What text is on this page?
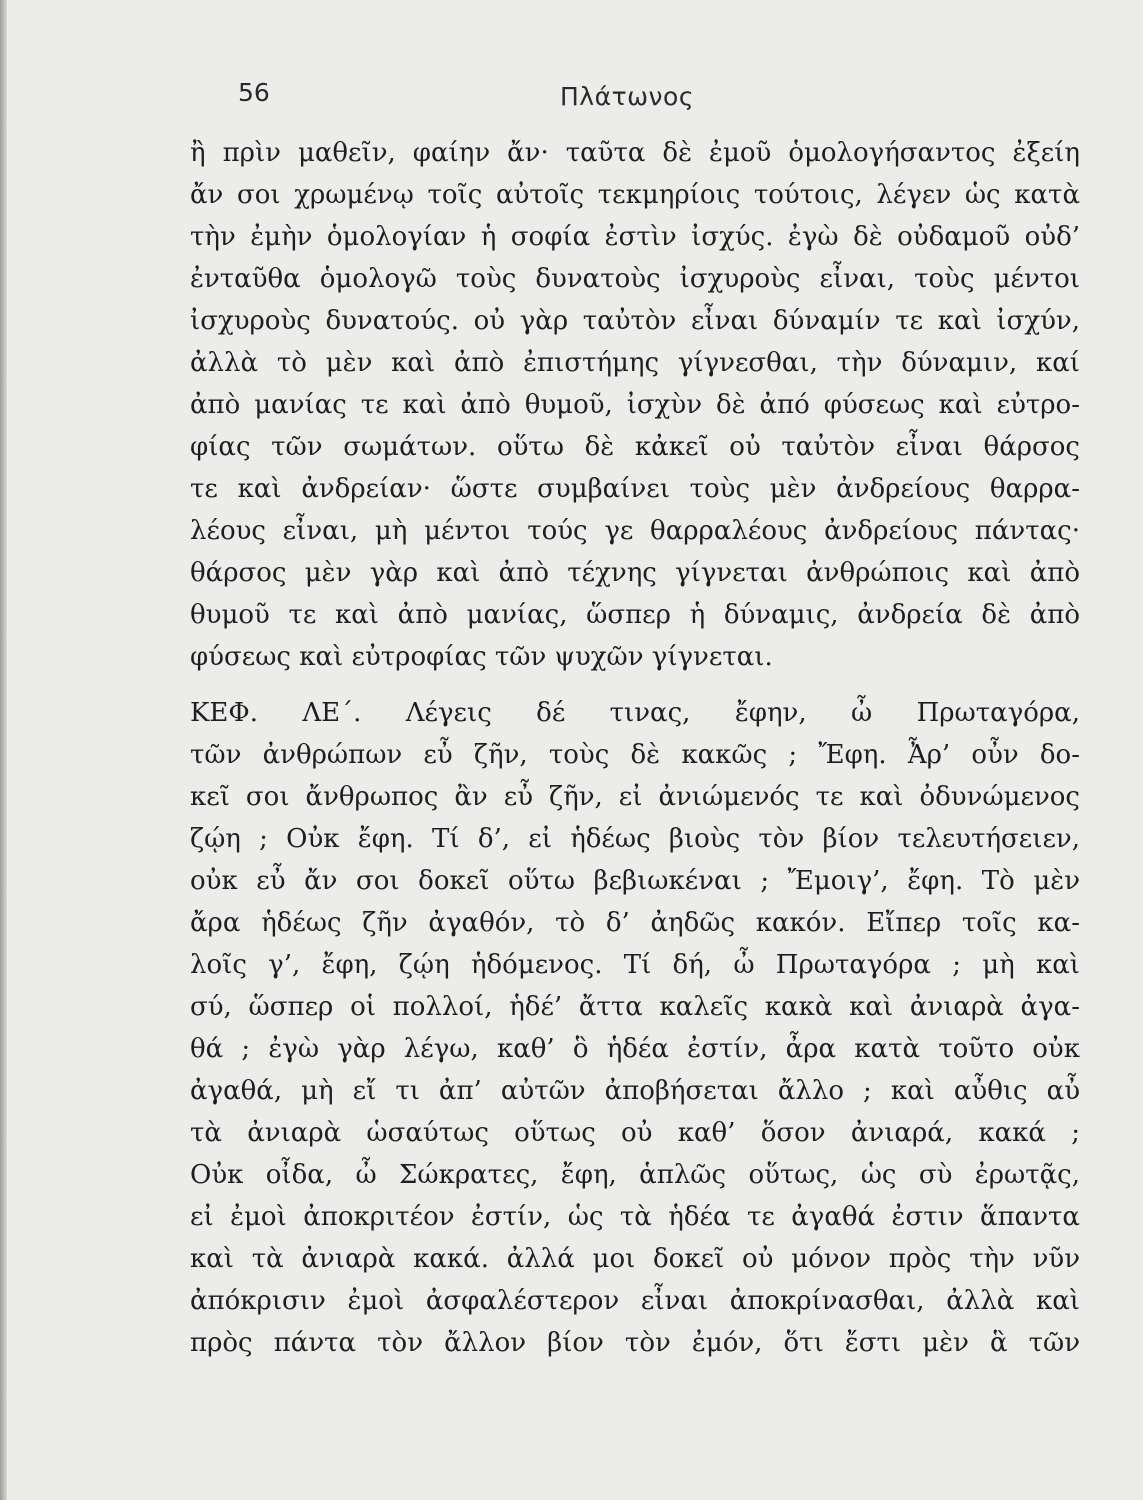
56	Πλάτωνος
ἢ πρὶν μαθεῖν, φαίην ἄν· ταῦτα δὲ ἐμοῦ ὁμολογήσαντος ἐξείη
ἄν σοι χρωμένῳ τοῖς αὐτοῖς τεκμηρίοις τούτοις, λέγεν ὡς κατὰ
τὴν ἐμὴν ὁμολογίαν ἡ σοφία ἐστὶν ἰσχύς. ἐγὼ δὲ οὐδαμοῦ οὐδ’
ἐνταῦθα ὁμολογῶ τοὺς δυνατοὺς ἰσχυροὺς εἶναι, τοὺς μέντοι
ἰσχυροὺς δυνατούς. οὐ γὰρ ταὐτὸν εἶναι δύναμίν τε καὶ ἰσχύν,
ἀλλὰ τὸ μὲν καὶ ἀπὸ ἐπιστήμης γίγνεσθαι, τὴν δύναμιν, καί
ἀπὸ μανίας τε καὶ ἀπὸ θυμοῦ, ἰσχὺν δὲ ἀπό φύσεως καὶ εὐτρο-
φίας τῶν σωμάτων. οὕτω δὲ κἀκεῖ οὐ ταὐτὸν εἶναι θάρσος
τε καὶ ἀνδρείαν· ὥστε συμβαίνει τοὺς μὲν ἀνδρείους θαρρα-
λέους εἶναι, μὴ μέντοι τούς γε θαρραλέους ἀνδρείους πάντας·
θάρσος μὲν γὰρ καὶ ἀπὸ τέχνης γίγνεται ἀνθρώποις καὶ ἀπὸ
θυμοῦ τε καὶ ἀπὸ μανίας, ὥσπερ ἡ δύναμις, ἀνδρεία δὲ ἀπὸ
φύσεως καὶ εὐτροφίας τῶν ψυχῶν γίγνεται.
ΚΕΦ. ΛΕ΄. Λέγεις δέ τινας, ἔφην, ὦ Πρωταγόρα,
τῶν ἀνθρώπων εὖ ζῆν, τοὺς δὲ κακῶς ; Ἔφη. Ἆρ’ οὖν δο-
κεῖ σοι ἄνθρωπος ἂν εὖ ζῆν, εἰ ἀνιώμενός τε καὶ ὀδυνώμενος
ζῴη ; Οὐκ ἔφη. Τί δ’, εἰ ἡδέως βιοὺς τὸν βίον τελευτήσειεν,
οὐκ εὖ ἄν σοι δοκεῖ οὕτω βεβιωκέναι ; Ἔμοιγ’, ἔφη. Τὸ μὲν
ἄρα ἡδέως ζῆν ἀγαθόν, τὸ δ’ ἀηδῶς κακόν. Εἴπερ τοῖς κα-
λοῖς γ’, ἔφη, ζῴη ἡδόμενος. Τί δή, ὦ Πρωταγόρα ; μὴ καὶ
σύ, ὥσπερ οἱ πολλοί, ἡδέ’ ἄττα καλεῖς κακὰ καὶ ἀνιαρὰ ἀγα-
θά ; ἐγὼ γὰρ λέγω, καθ’ ὃ ἡδέα ἐστίν, ἆρα κατὰ τοῦτο οὐκ
ἀγαθά, μὴ εἴ τι ἀπ’ αὐτῶν ἀποβήσεται ἄλλο ; καὶ αὖθις αὖ
τὰ ἀνιαρὰ ὡσαύτως οὕτως οὐ καθ’ ὅσον ἀνιαρά, κακά ;
Οὐκ οἶδα, ὦ Σώκρατες, ἔφη, ἁπλῶς οὕτως, ὡς σὺ ἐρωτᾷς,
εἰ ἐμοὶ ἀποκριτέον ἐστίν, ὡς τὰ ἡδέα τε ἀγαθά ἐστιν ἅπαντα
καὶ τὰ ἀνιαρὰ κακά. ἀλλά μοι δοκεῖ οὐ μόνον πρὸς τὴν νῦν
ἀπόκρισιν ἐμοὶ ἀσφαλέστερον εἶναι ἀποκρίνασθαι, ἀλλὰ καὶ
πρὸς πάντα τὸν ἄλλον βίον τὸν ἐμόν, ὅτι ἔστι μὲν ἃ τῶν
